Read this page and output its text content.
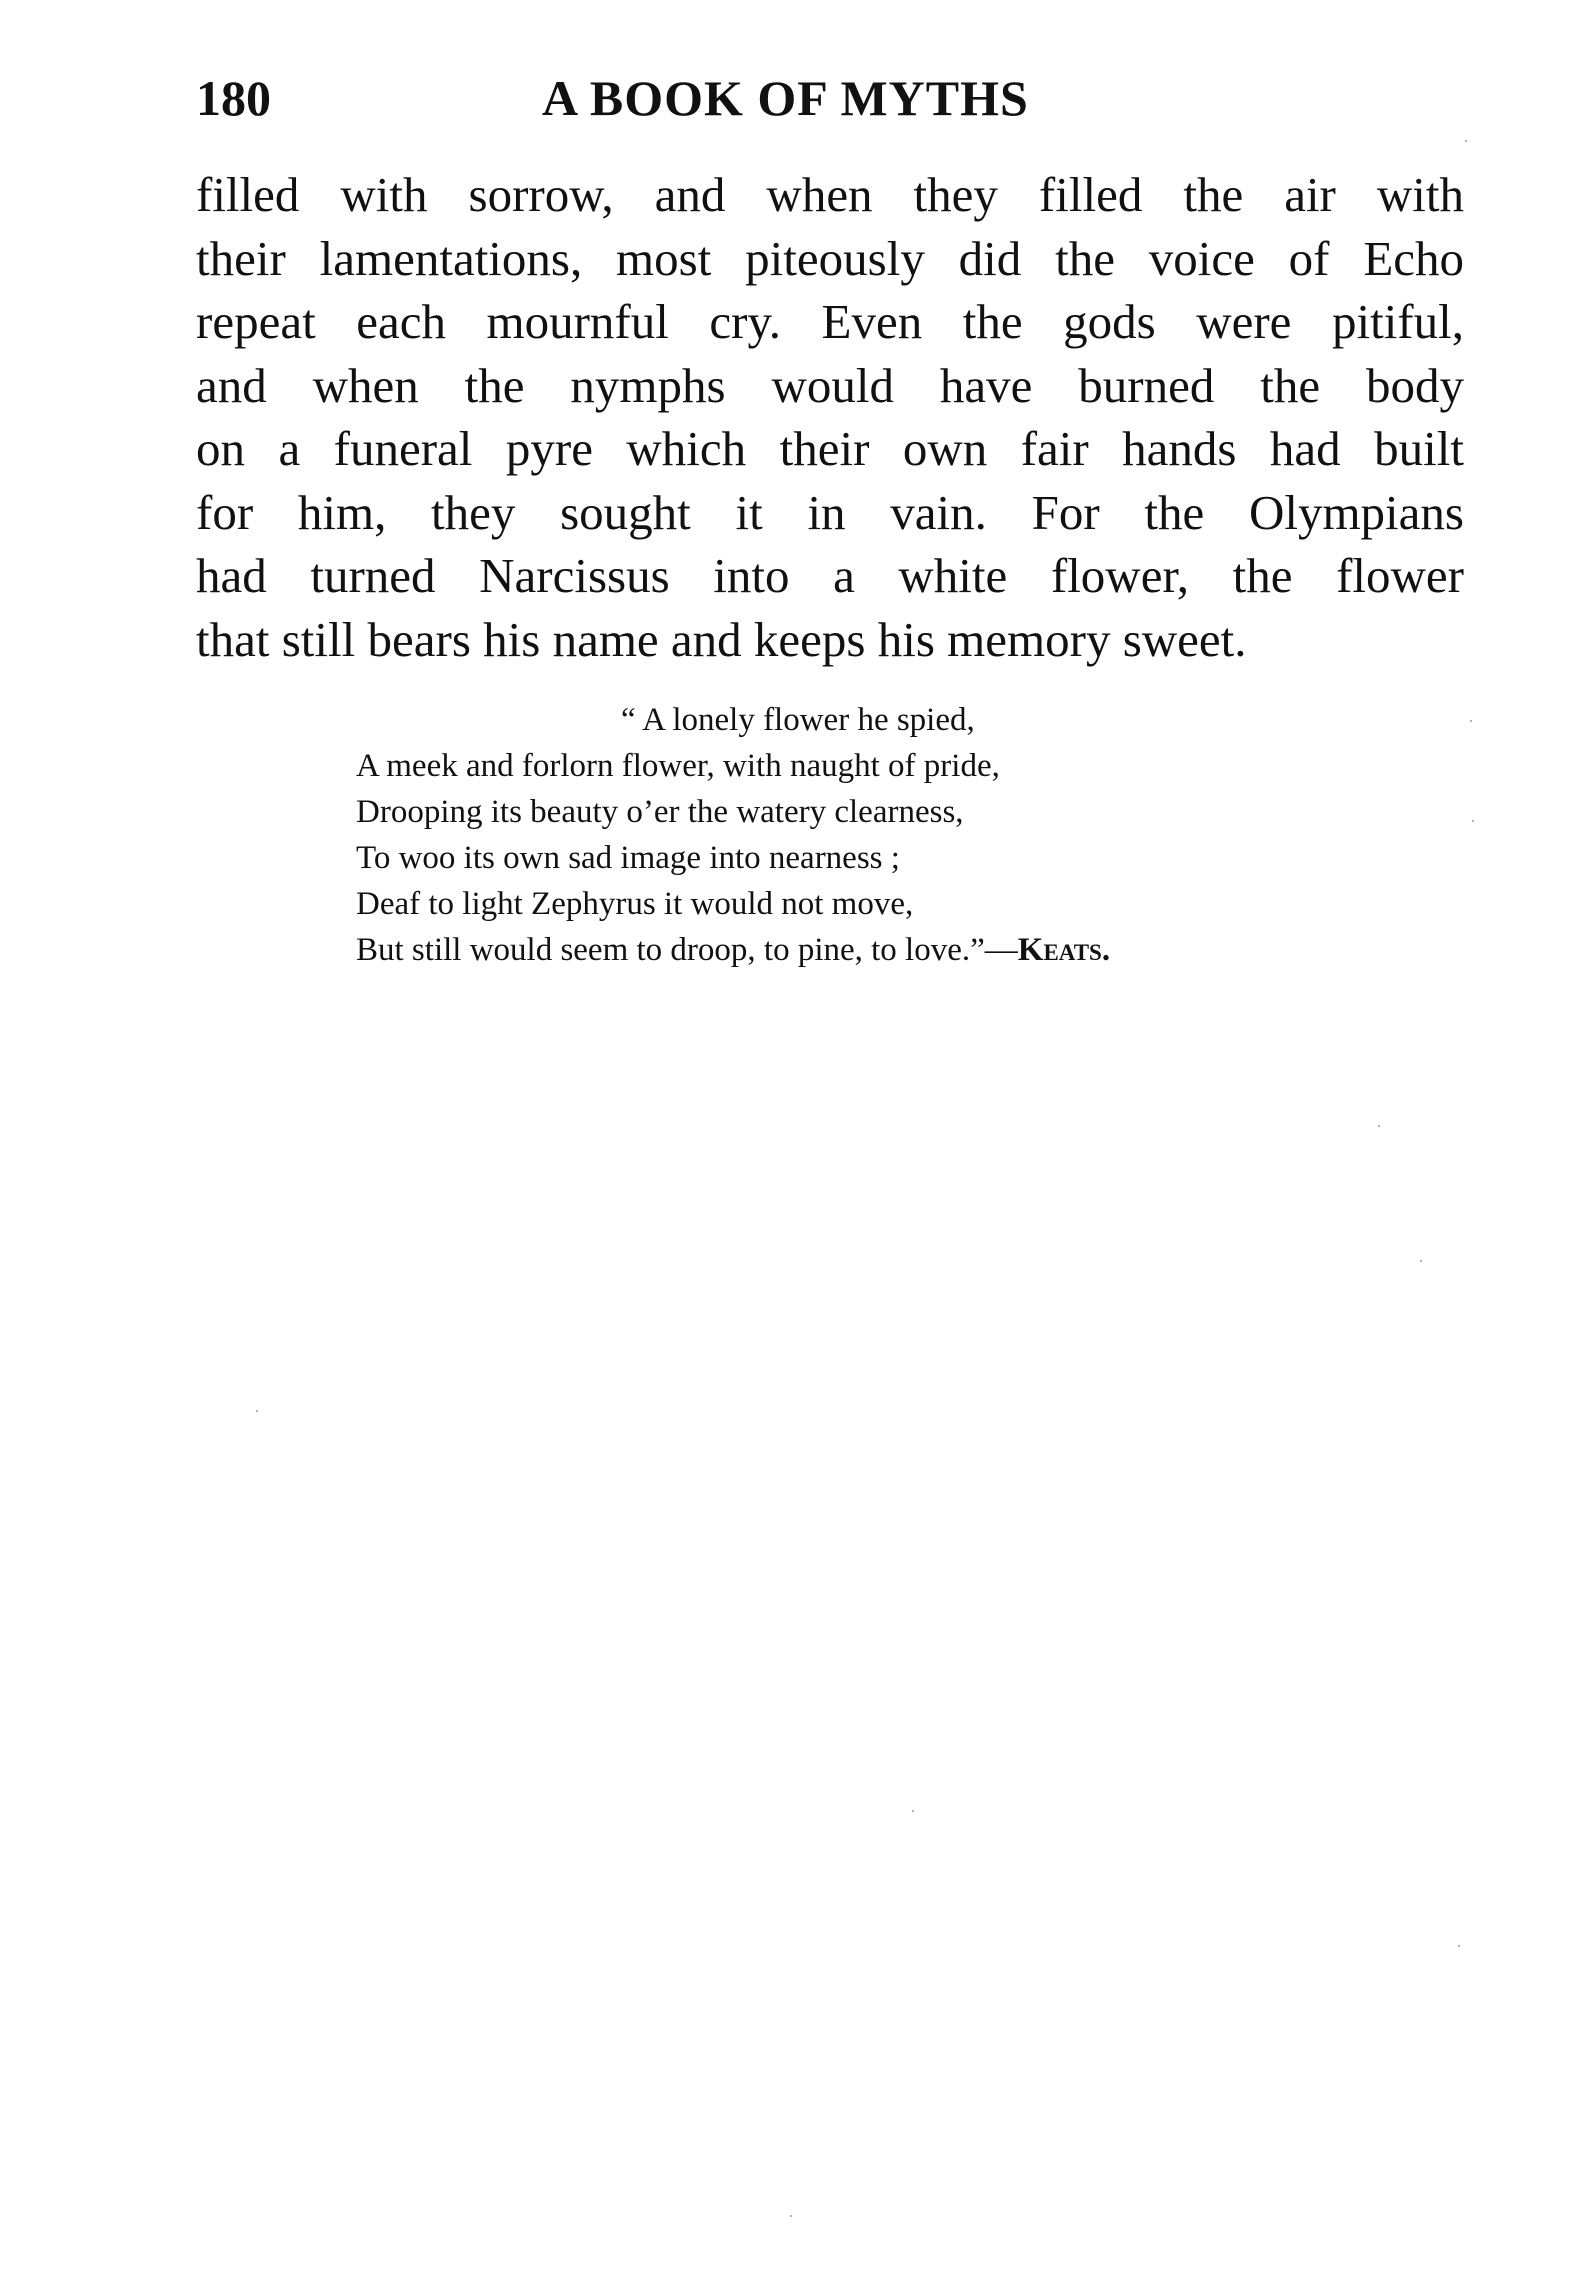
180	A BOOK OF MYTHS
filled with sorrow, and when they filled the air with
their lamentations, most piteously did the voice of Echo
repeat each mournful cry. Even the gods were pitiful,
and when the nymphs would have burned the body
on a funeral pyre which their own fair hands had built
for him, they sought it in vain. For the Olympians
had turned Narcissus into a white flower, the flower
that still bears his name and keeps his memory sweet.
“ A lonely flower he spied,
A meek and forlorn flower, with naught of pride,
Drooping its beauty o’er the watery clearness,
To woo its own sad image into nearness ;
Deaf to light Zephyrus it would not move,
But still would seem to droop, to pine, to love.”—Keats.
